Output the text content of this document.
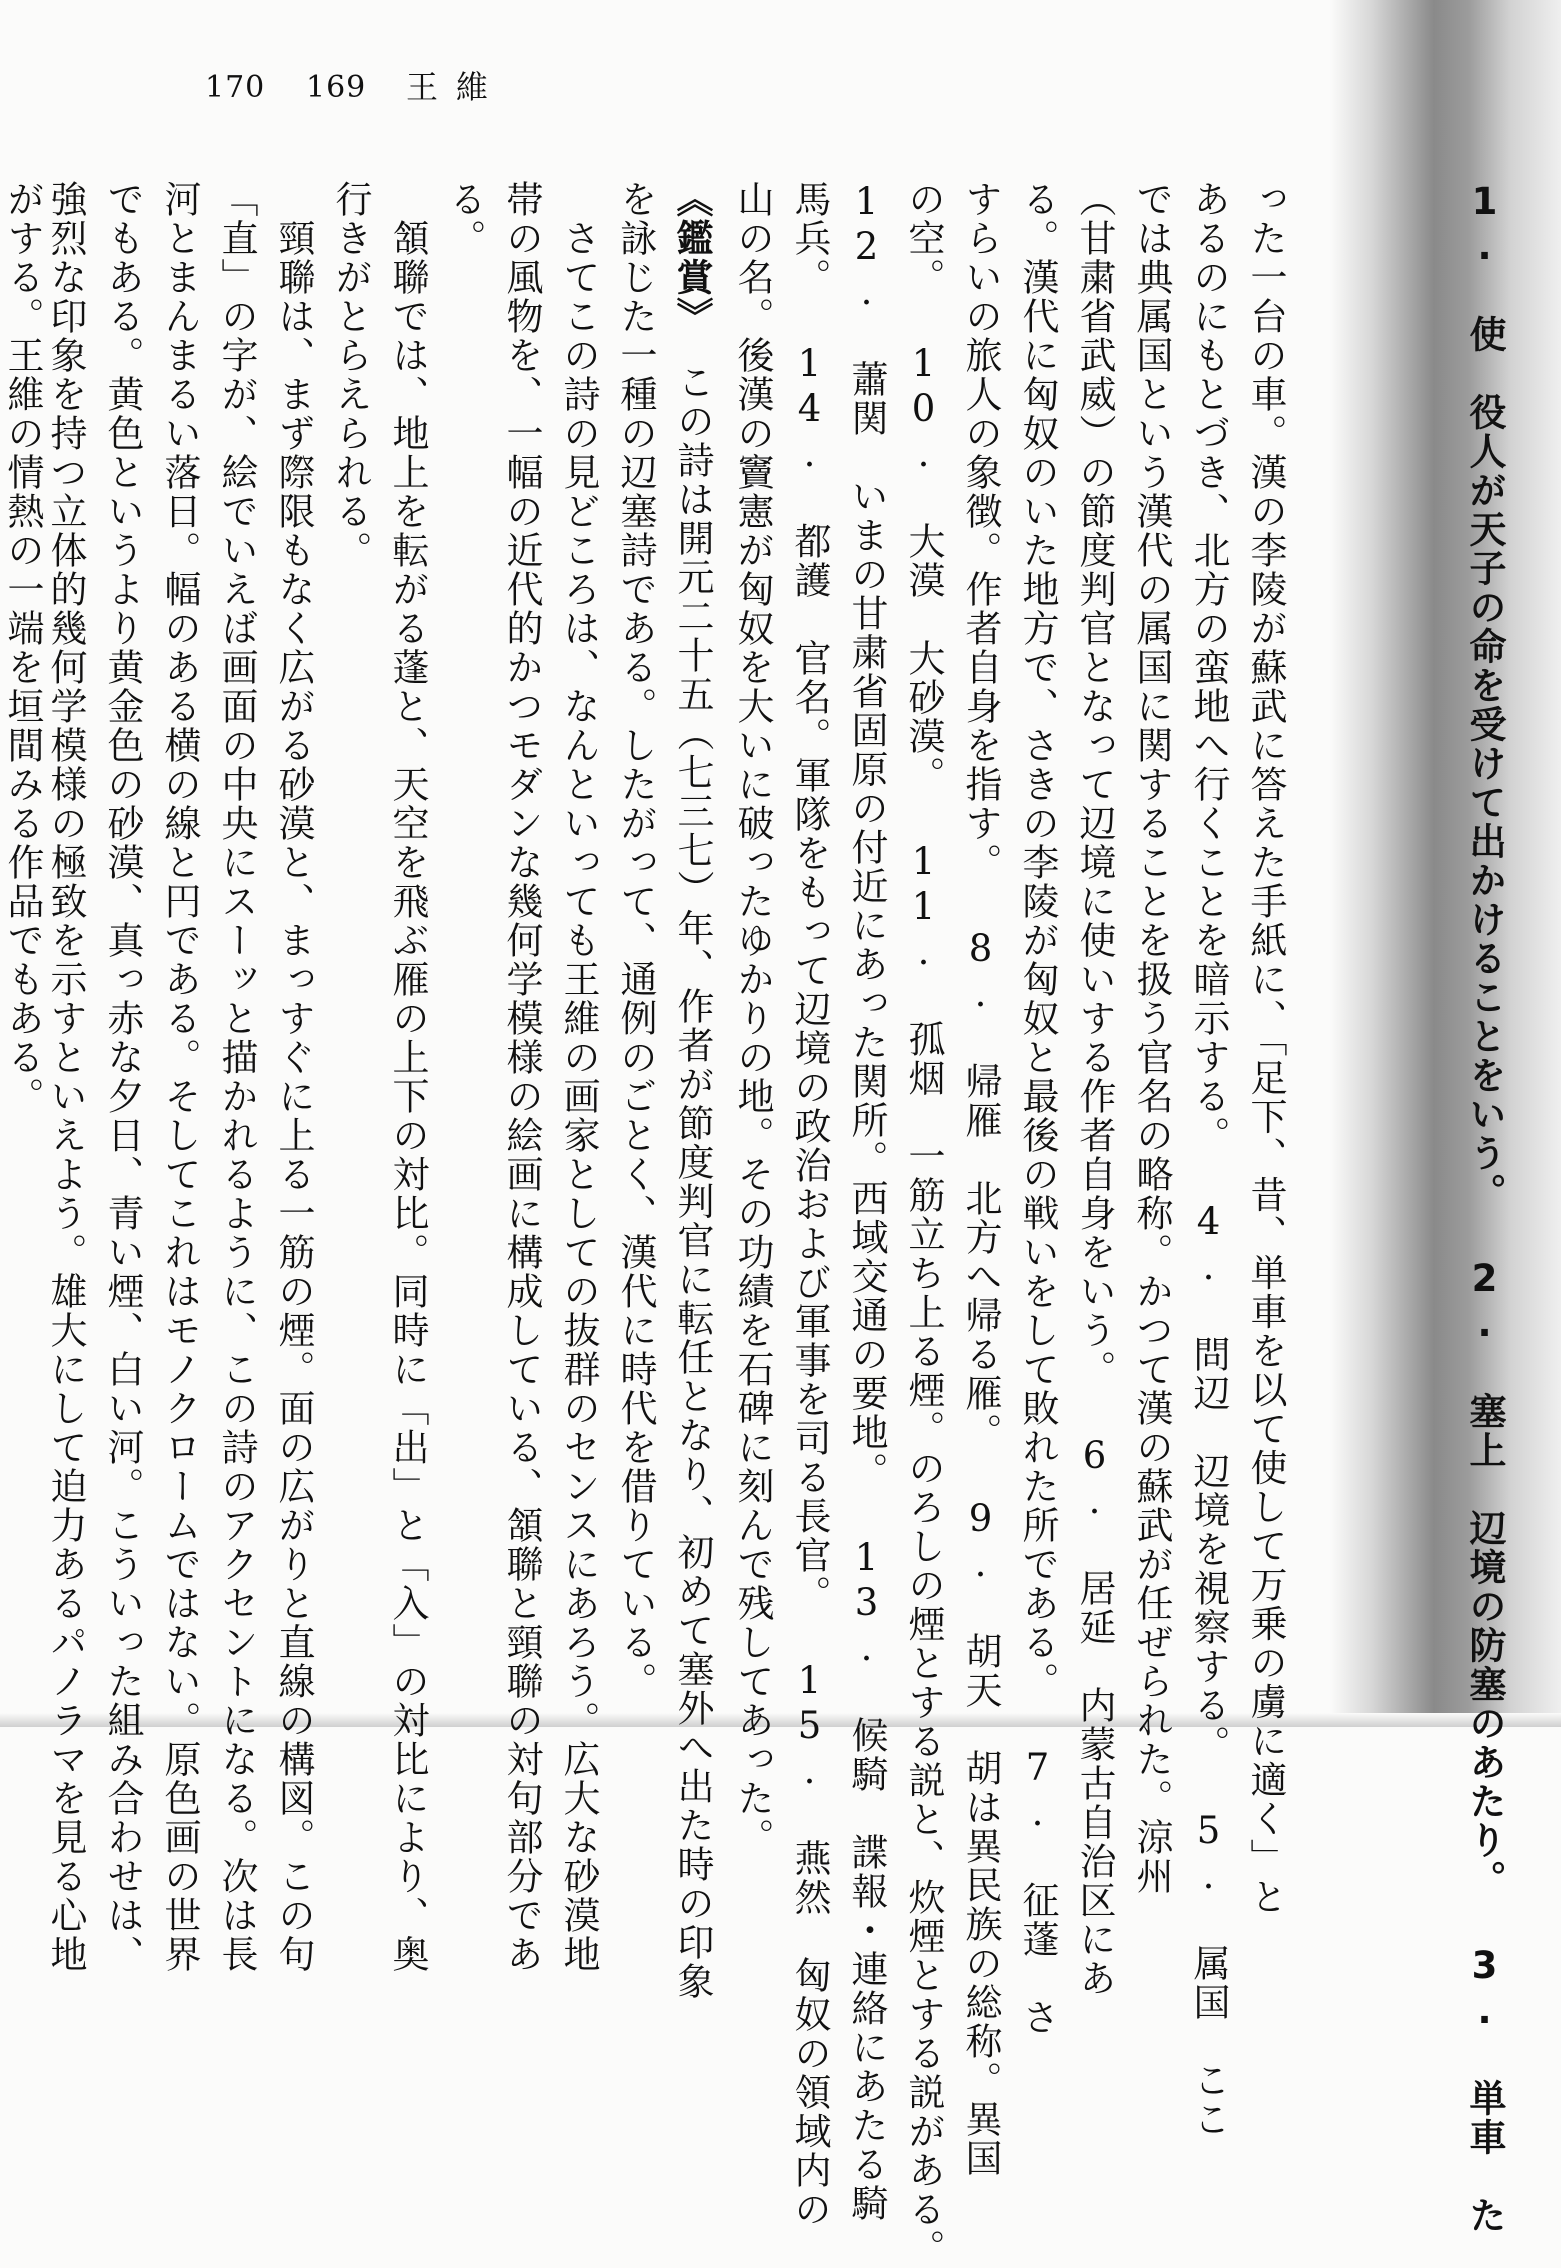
170 169 王維
1. 使　役人が天子の命を受けて出かけることをいう。 2. 塞上　辺境の防塞のあたり。 3. 単車　た
った一台の車。漢の李陵が蘇武に答えた手紙に、「足下、昔、単車を以て使して万乗の虜に適く」と
あるのにもとづき、北方の蛮地へ行くことを暗示する。 4. 問辺　辺境を視察する。 5. 属国　ここ
では典属国という漢代の属国に関することを扱う官名の略称。かつて漢の蘇武が任ぜられた。涼州
（甘粛省武威）の節度判官となって辺境に使いする作者自身をいう。 6. 居延　内蒙古自治区にあ
る。漢代に匈奴のいた地方で、さきの李陵が匈奴と最後の戦いをして敗れた所である。 7. 征蓬　さ
すらいの旅人の象徴。作者自身を指す。 8. 帰雁　北方へ帰る雁。 9. 胡天　胡は異民族の総称。異国
の空。 10. 大漠　大砂漠。 11. 孤烟　一筋立ち上る煙。のろしの煙とする説と、炊煙とする説がある。
12. 蕭関　いまの甘粛省固原の付近にあった関所。西域交通の要地。 13. 候騎　諜報・連絡にあたる騎
馬兵。 14. 都護　官名。軍隊をもって辺境の政治および軍事を司る長官。 15. 燕然　匈奴の領域内の
山の名。後漢の竇憲が匈奴を大いに破ったゆかりの地。その功績を石碑に刻んで残してあった。
《鑑賞》
　この詩は開元二十五（七三七）年、作者が節度判官に転任となり、初めて塞外へ出た時の印象
を詠じた一種の辺塞詩である。したがって、通例のごとく、漢代に時代を借りている。
　さてこの詩の見どころは、なんといっても王維の画家としての抜群のセンスにあろう。広大な砂漠地
帯の風物を、一幅の近代的かつモダンな幾何学模様の絵画に構成している、頷聯と頸聯の対句部分であ
る。
　頷聯では、地上を転がる蓬と、天空を飛ぶ雁の上下の対比。同時に「出」と「入」の対比により、奥
行きがとらえられる。
　頸聯は、まず際限もなく広がる砂漠と、まっすぐに上る一筋の煙。面の広がりと直線の構図。この句
「直」の字が、絵でいえば画面の中央にスーッと描かれるように、この詩のアクセントになる。次は長
河とまんまるい落日。幅のある横の線と円である。そしてこれはモノクロームではない。原色画の世界
でもある。黄色というより黄金色の砂漠、真っ赤な夕日、青い煙、白い河。こういった組み合わせは、
強烈な印象を持つ立体的幾何学模様の極致を示すといえよう。雄大にして迫力あるパノラマを見る心地
がする。王維の情熱の一端を垣間みる作品でもある。
